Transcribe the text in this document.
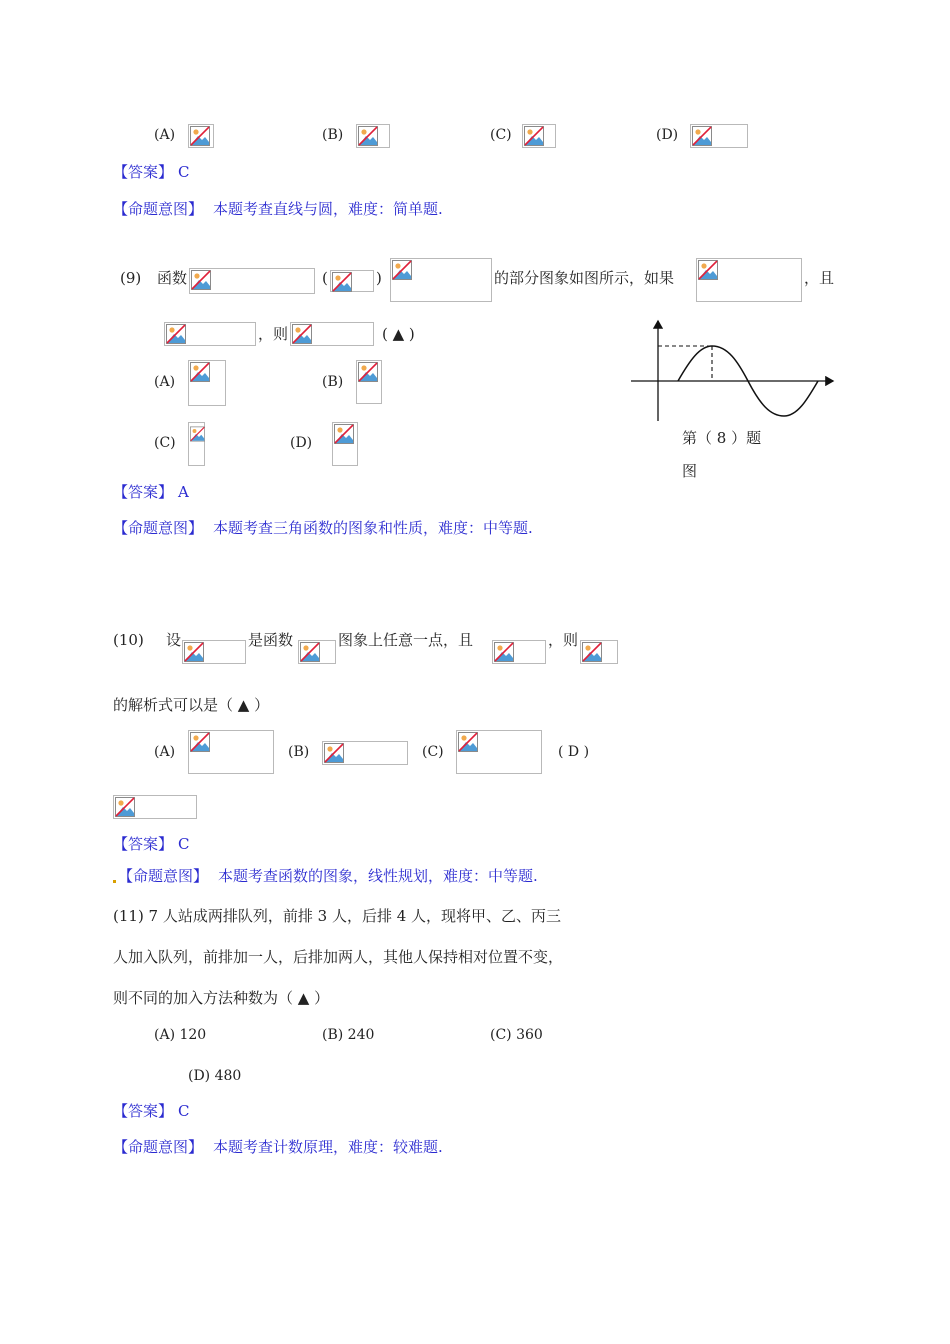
(A)	(B)	(C)	(D)
【答案】 C
【命题意图】 本题考查直线与圆，难度：简单题.
(9) 函数	(	)	的部分图象如图所示，如果	，且
，则	( ▲ )
(A)	(B)
(C)	(D)	第（ 8 ）题
图
【答案】 A
【命题意图】 本题考查三角函数的图象和性质，难度：中等题.
(10) 设	是函数	图象上任意一点，且	，则
的解析式可以是（ ▲ ）
(A)	(B)	(C)	( D )
【答案】 C
【命题意图】 本题考查函数的图象，线性规划，难度：中等题.
(11) 7 人站成两排队列，前排 3 人，后排 4 人，现将甲、乙、丙三
人加入队列，前排加一人，后排加两人，其他人保持相对位置不变，
则不同的加入方法种数为（ ▲ ）
(A) 120	(B) 240	(C) 360
(D) 480
【答案】 C
【命题意图】 本题考查计数原理，难度：较难题.
